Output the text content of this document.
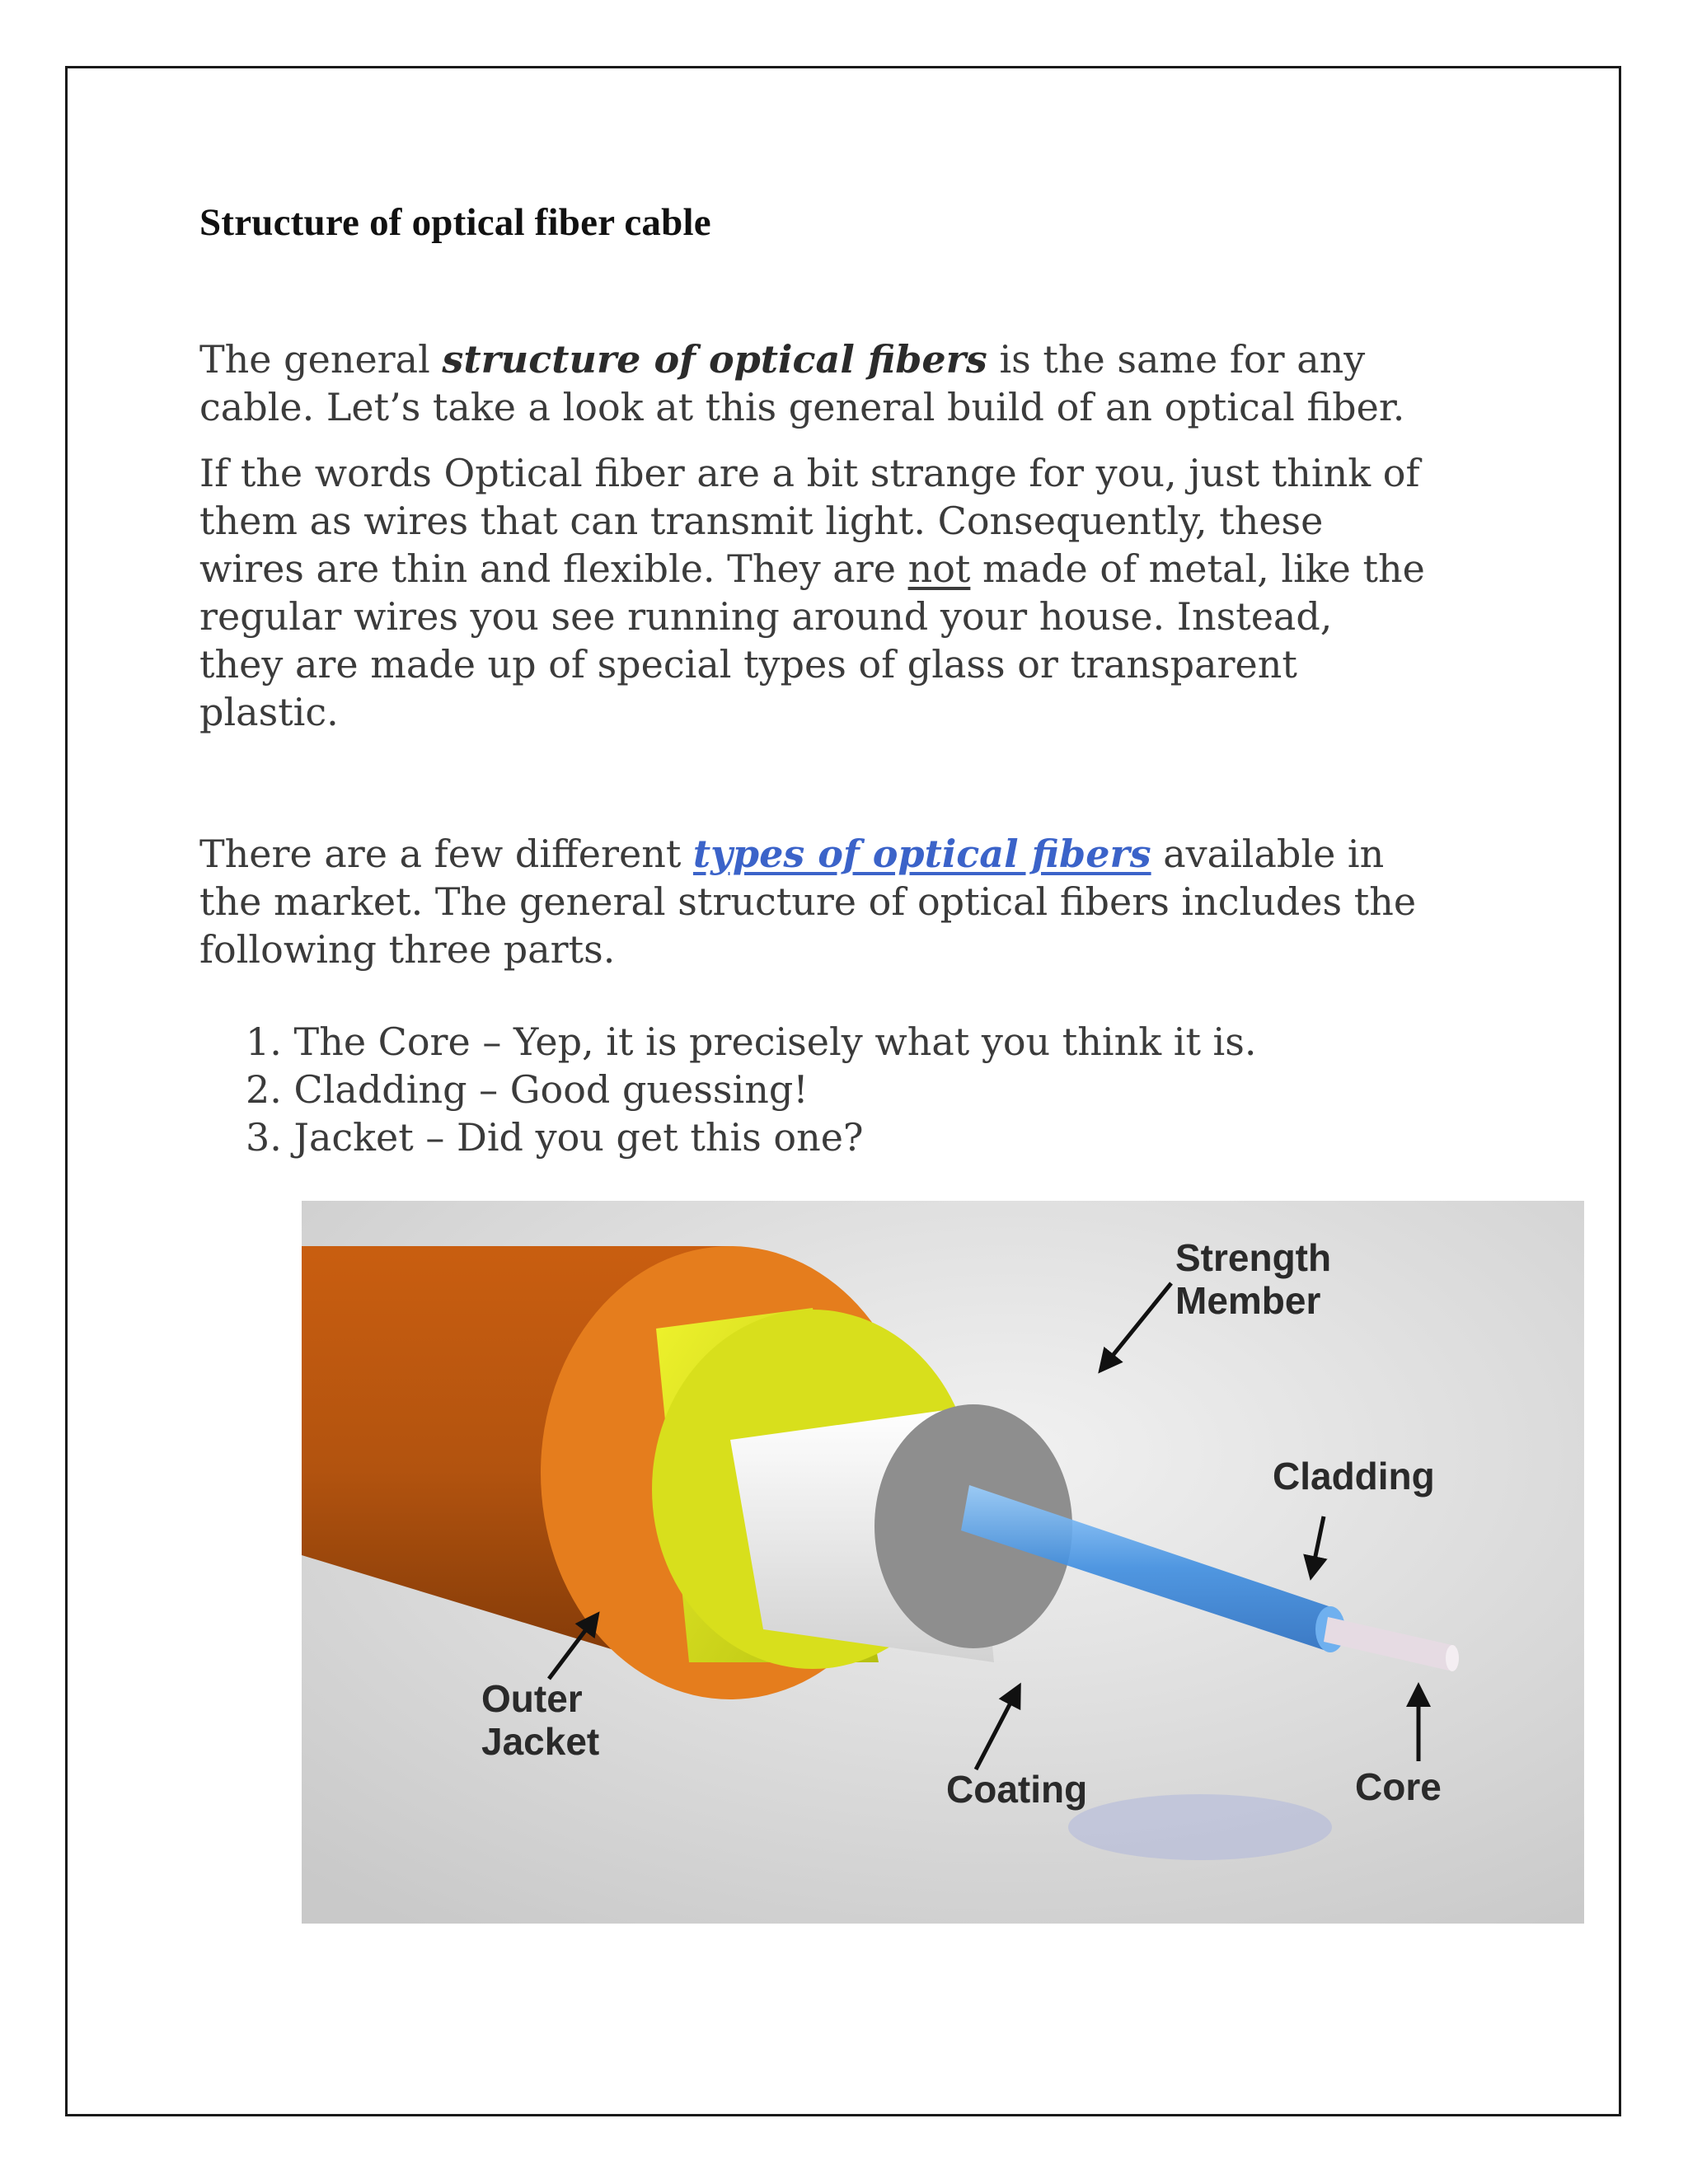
Structure of optical fiber cable

The general structure of optical fibers is the same for any
cable. Let’s take a look at this general build of an optical fiber.

If the words Optical fiber are a bit strange for you, just think of
them as wires that can transmit light. Consequently, these
wires are thin and flexible. They are not made of metal, like the
regular wires you see running around your house. Instead,
they are made up of special types of glass or transparent
plastic.

There are a few different types of optical fibers available in
the market. The general structure of optical fibers includes the
following three parts.

1. The Core – Yep, it is precisely what you think it is.
2. Cladding – Good guessing!
3. Jacket – Did you get this one?
Strength
Member
Cladding
Outer
Jacket
Coating	Core
